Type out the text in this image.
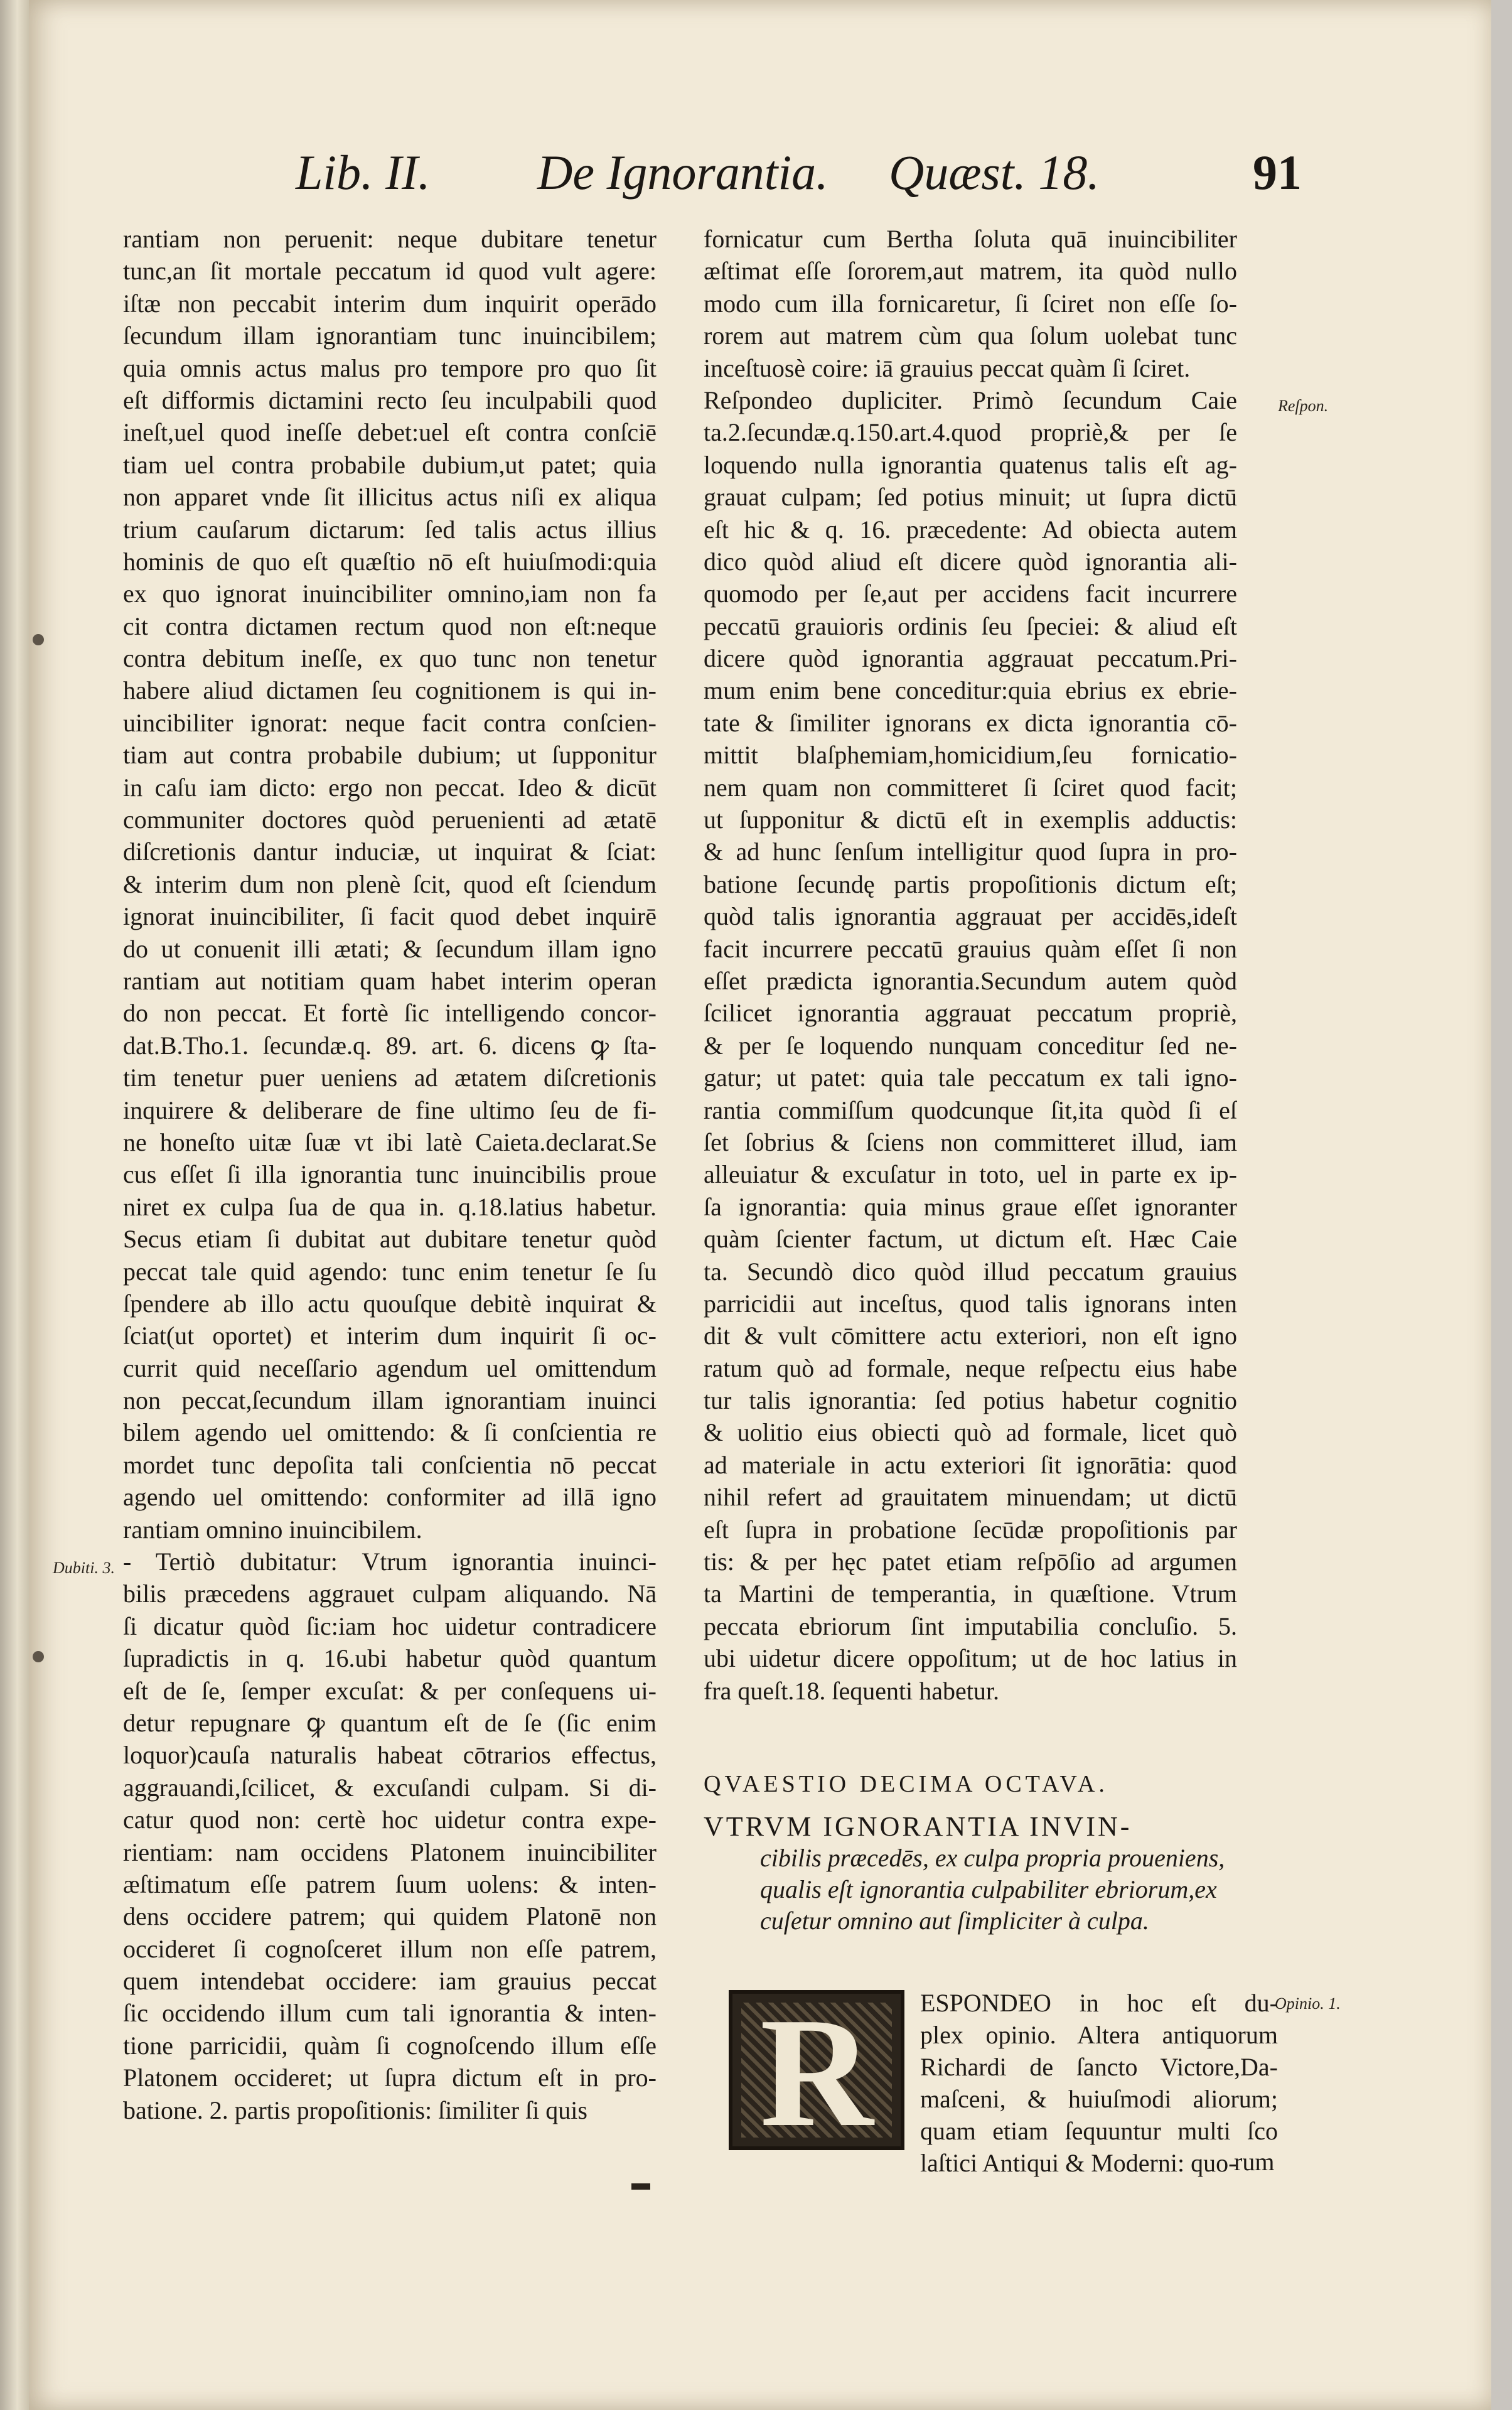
Lib. II. De Ignorantia. Quæst. 18.	91
rantiam non peruenit: neque dubitare tenetur
tunc,an ſit mortale peccatum id quod vult agere:
iſtæ non peccabit interim dum inquirit operādo
ſecundum illam ignorantiam tunc inuincibilem;
quia omnis actus malus pro tempore pro quo ſit
eſt difformis dictamini recto ſeu inculpabili quod
ineſt,uel quod ineſſe debet:uel eſt contra conſciē
tiam uel contra probabile dubium,ut patet; quia
non apparet vnde ſit illicitus actus niſi ex aliqua
trium cauſarum dictarum: ſed talis actus illius
hominis de quo eſt quæſtio nō eſt huiuſmodi:quia
ex quo ignorat inuincibiliter omnino,iam non fa
cit contra dictamen rectum quod non eſt:neque
contra debitum ineſſe, ex quo tunc non tenetur
habere aliud dictamen ſeu cognitionem is qui in-
uincibiliter ignorat: neque facit contra conſcien-
tiam aut contra probabile dubium; ut ſupponitur
in caſu iam dicto: ergo non peccat. Ideo & dicūt
communiter doctores quòd peruenienti ad ætatē
diſcretionis dantur induciæ, ut inquirat & ſciat:
& interim dum non plenè ſcit, quod eſt ſciendum
ignorat inuincibiliter, ſi facit quod debet inquirē
do ut conuenit illi ætati; & ſecundum illam igno
rantiam aut notitiam quam habet interim operan
do non peccat. Et fortè ſic intelligendo concor-
dat.B.Tho.1. ſecundæ.q. 89. art. 6. dicens ꝙ ſta-
tim tenetur puer ueniens ad ætatem diſcretionis
inquirere & deliberare de fine ultimo ſeu de fi-
ne honeſto uitæ ſuæ vt ibi latè Caieta.declarat.Se
cus eſſet ſi illa ignorantia tunc inuincibilis proue
niret ex culpa ſua de qua in. q.18.latius habetur.
Secus etiam ſi dubitat aut dubitare tenetur quòd
peccat tale quid agendo: tunc enim tenetur ſe ſu
ſpendere ab illo actu quouſque debitè inquirat &
ſciat(ut oportet) et interim dum inquirit ſi oc-
currit quid neceſſario agendum uel omittendum
non peccat,ſecundum illam ignorantiam inuinci
bilem agendo uel omittendo: & ſi conſcientia re
mordet tunc depoſita tali conſcientia nō peccat
agendo uel omittendo: conformiter ad illā igno
rantiam omnino inuincibilem.
- Tertiò dubitatur: Vtrum ignorantia inuinci-
bilis præcedens aggrauet culpam aliquando. Nā
ſi dicatur quòd ſic:iam hoc uidetur contradicere
ſupradictis in q. 16.ubi habetur quòd quantum
eſt de ſe, ſemper excuſat: & per conſequens ui-
detur repugnare ꝙ quantum eſt de ſe (ſic enim
loquor)cauſa naturalis habeat cōtrarios effectus,
aggrauandi,ſcilicet, & excuſandi culpam. Si di-
catur quod non: certè hoc uidetur contra expe-
rientiam: nam occidens Platonem inuincibiliter
æſtimatum eſſe patrem ſuum uolens: & inten-
dens occidere patrem; qui quidem Platonē non
occideret ſi cognoſceret illum non eſſe patrem,
quem intendebat occidere: iam grauius peccat
ſic occidendo illum cum tali ignorantia & inten-
tione parricidii, quàm ſi cognoſcendo illum eſſe
Platonem occideret; ut ſupra dictum eſt in pro-
batione. 2. partis propoſitionis: ſimiliter ſi quis
fornicatur cum Bertha ſoluta quā inuincibiliter
æſtimat eſſe ſororem,aut matrem, ita quòd nullo
modo cum illa fornicaretur, ſi ſciret non eſſe ſo-
rorem aut matrem cùm qua ſolum uolebat tunc
inceſtuosè coire: iā grauius peccat quàm ſi ſciret.
Reſpondeo dupliciter. Primò ſecundum Caie
ta.2.ſecundæ.q.150.art.4.quod propriè,& per ſe
loquendo nulla ignorantia quatenus talis eſt ag-
grauat culpam; ſed potius minuit; ut ſupra dictū
eſt hic & q. 16. præcedente: Ad obiecta autem
dico quòd aliud eſt dicere quòd ignorantia ali-
quomodo per ſe,aut per accidens facit incurrere
peccatū grauioris ordinis ſeu ſpeciei: & aliud eſt
dicere quòd ignorantia aggrauat peccatum.Pri-
mum enim bene conceditur:quia ebrius ex ebrie-
tate & ſimiliter ignorans ex dicta ignorantia cō-
mittit blaſphemiam,homicidium,ſeu fornicatio-
nem quam non committeret ſi ſciret quod facit;
ut ſupponitur & dictū eſt in exemplis adductis:
& ad hunc ſenſum intelligitur quod ſupra in pro-
batione ſecundę partis propoſitionis dictum eſt;
quòd talis ignorantia aggrauat per accidēs,ideſt
facit incurrere peccatū grauius quàm eſſet ſi non
eſſet prædicta ignorantia.Secundum autem quòd
ſcilicet ignorantia aggrauat peccatum propriè,
& per ſe loquendo nunquam conceditur ſed ne-
gatur; ut patet: quia tale peccatum ex tali igno-
rantia commiſſum quodcunque ſit,ita quòd ſi eſ
ſet ſobrius & ſciens non committeret illud, iam
alleuiatur & excuſatur in toto, uel in parte ex ip-
ſa ignorantia: quia minus graue eſſet ignoranter
quàm ſcienter factum, ut dictum eſt. Hæc Caie
ta. Secundò dico quòd illud peccatum grauius
parricidii aut inceſtus, quod talis ignorans inten
dit & vult cōmittere actu exteriori, non eſt igno
ratum quò ad formale, neque reſpectu eius habe
tur talis ignorantia: ſed potius habetur cognitio
& uolitio eius obiecti quò ad formale, licet quò
ad materiale in actu exteriori ſit ignorātia: quod
nihil refert ad grauitatem minuendam; ut dictū
eſt ſupra in probatione ſecūdæ propoſitionis par
tis: & per hęc patet etiam reſpōſio ad argumen
ta Martini de temperantia, in quæſtione. Vtrum
peccata ebriorum ſint imputabilia concluſio. 5.
ubi uidetur dicere oppoſitum; ut de hoc latius in
fra queſt.18. ſequenti habetur.
Reſpon.
Dubiti. 3.
Opinio. 1.
QVAESTIO DECIMA OCTAVA.
VTRVM IGNORANTIA INVIN-
cibilis præcedēs, ex culpa propria proueniens,
qualis eſt ignorantia culpabiliter ebriorum,ex
cuſetur omnino aut ſimpliciter à culpa.
R	ESPONDEO in hoc eſt du-
plex opinio. Altera antiquorum
Richardi de ſancto Victore,Da-
maſceni, & huiuſmodi aliorum;
quam etiam ſequuntur multi ſco
laſtici Antiqui & Moderni: quo-
rum
